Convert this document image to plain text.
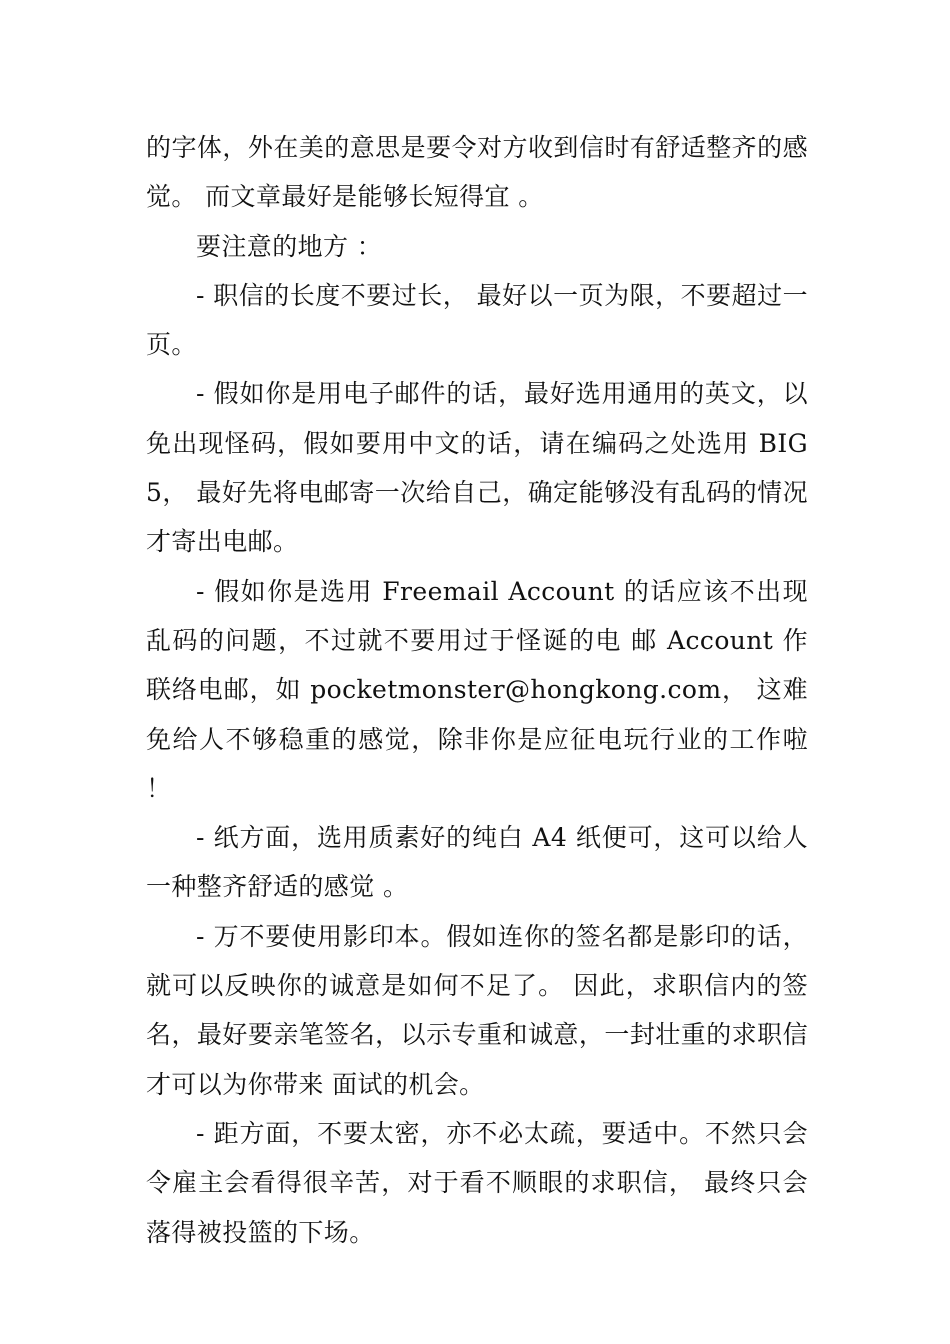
的字体，外在美的意思是要令对方收到信时有舒适整齐的感觉。 而文章最好是能够长短得宜 。

要注意的地方 ：

- 职信的长度不要过长， 最好以一页为限，不要超过一页。

- 假如你是用电子邮件的话，最好选用通用的英文，以免出现怪码，假如要用中文的话，请在编码之处选用 BIG 5， 最好先将电邮寄一次给自己，确定能够没有乱码的情况才寄出电邮。

- 假如你是选用 Freemail Account 的话应该不出现乱码的问题，不过就不要用过于怪诞的电 邮 Account 作联络电邮，如 pocketmonster@hongkong.com， 这难免给人不够稳重的感觉，除非你是应征电玩行业的工作啦 ！

- 纸方面，选用质素好的纯白 A4 纸便可，这可以给人一种整齐舒适的感觉 。

- 万不要使用影印本。假如连你的签名都是影印的话，就可以反映你的诚意是如何不足了。 因此，求职信内的签名，最好要亲笔签名，以示专重和诚意，一封壮重的求职信才可以为你带来 面试的机会。

- 距方面，不要太密，亦不必太疏，要适中。不然只会令雇主会看得很辛苦，对于看不顺眼的求职信， 最终只会落得被投篮的下场。
